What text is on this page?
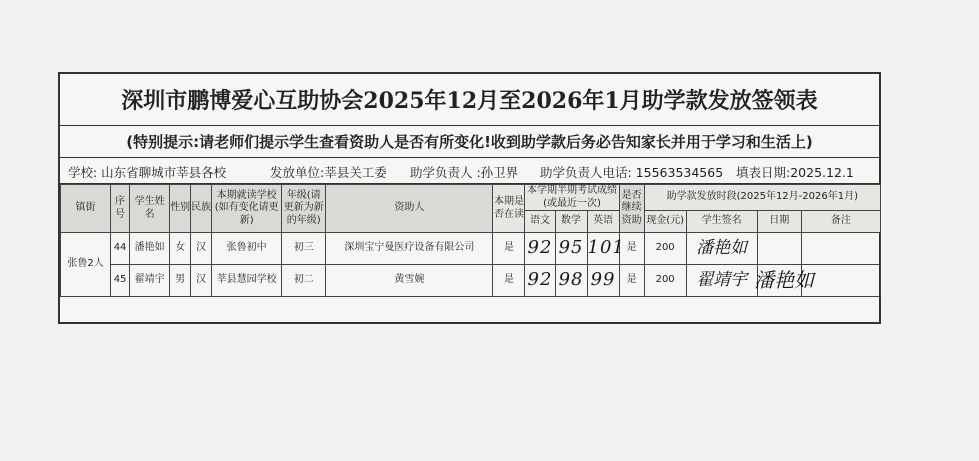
深圳市鹏博爱心互助协会2025年12月至2026年1月助学款发放签领表
(特别提示:请老师们提示学生查看资助人是否有所变化!收到助学款后务必告知家长并用于学习和生活上)
学校: 山东省聊城市莘县各校	发放单位:莘县关工委 助学负责人 :孙卫界 助学负责人电话: 15563534565 填表日期:2025.12.1
镇街	序号	学生姓名	性别	民族	本期就读学校(如有变化请更新)	年级(请更新为新的年级)	资助人	本期是否在读	本学期半期考试成绩(或最近一次)			是否继续资助	助学款发放时段(2025年12月-2026年1月)			
									语文	数学	英语		现金(元)	学生签名	日期	备注
张鲁2人	44	潘艳如	女	汉	张鲁初中	初三	深圳宝宁曼医疗设备有限公司	是	92	95	101	是	200	潘艳如		
	45	翟靖宇	男	汉	莘县慧园学校	初二	黄雪婉	是	92	98	99	是	200	翟靖宇		潘艳如
